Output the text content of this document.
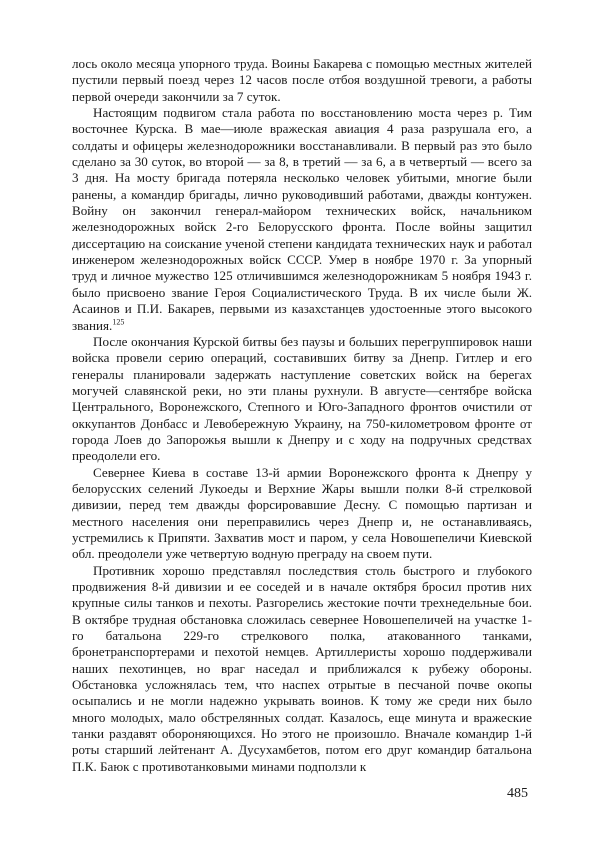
лось около месяца упорного труда. Воины Бакарева с помощью местных жителей пустили первый поезд через 12 часов после отбоя воздушной тревоги, а работы первой очереди закончили за 7 суток.

Настоящим подвигом стала работа по восстановлению моста через р. Тим восточнее Курска. В мае—июле вражеская авиация 4 раза разрушала его, а солдаты и офицеры железнодорожники восстанавливали. В первый раз это было сделано за 30 суток, во второй — за 8, в третий — за 6, а в четвертый — всего за 3 дня. На мосту бригада потеряла несколько человек убитыми, многие были ранены, а командир бригады, лично руководивший работами, дважды контужен. Войну он закончил генерал-майором технических войск, начальником железнодорожных войск 2-го Белорусского фронта. После войны защитил диссертацию на соискание ученой степени кандидата технических наук и работал инженером железнодорожных войск СССР. Умер в ноябре 1970 г. За упорный труд и личное мужество 125 отличившимся железнодорожникам 5 ноября 1943 г. было присвоено звание Героя Социалистического Труда. В их числе были Ж. Асаинов и П.И. Бакарев, первыми из казахстанцев удостоенные этого высокого звания.$^{125}$

После окончания Курской битвы без паузы и больших перегруппировок наши войска провели серию операций, составивших битву за Днепр. Гитлер и его генералы планировали задержать наступление советских войск на берегах могучей славянской реки, но эти планы рухнули. В августе—сентябре войска Центрального, Воронежского, Степного и Юго-Западного фронтов очистили от оккупантов Донбасс и Левобережную Украину, на 750-километровом фронте от города Лоев до Запорожья вышли к Днепру и с ходу на подручных средствах преодолели его.

Севернее Киева в составе 13-й армии Воронежского фронта к Днепру у белорусских селений Лукоеды и Верхние Жары вышли полки 8-й стрелковой дивизии, перед тем дважды форсировавшие Десну. С помощью партизан и местного населения они переправились через Днепр и, не останавливаясь, устремились к Припяти. Захватив мост и паром, у села Новошепеличи Киевской обл. преодолели уже четвертую водную преграду на своем пути.

Противник хорошо представлял последствия столь быстрого и глубокого продвижения 8-й дивизии и ее соседей и в начале октября бросил против них крупные силы танков и пехоты. Разгорелись жестокие почти трехнедельные бои. В октябре трудная обстановка сложилась севернее Новошепеличей на участке 1-го батальона 229-го стрелкового полка, атакованного танками, бронетранспортерами и пехотой немцев. Артиллеристы хорошо поддерживали наших пехотинцев, но враг наседал и приближался к рубежу обороны. Обстановка усложнялась тем, что наспех отрытые в песчаной почве окопы осыпались и не могли надежно укрывать воинов. К тому же среди них было много молодых, мало обстрелянных солдат. Казалось, еще минута и вражеские танки раздавят обороняющихся. Но этого не произошло. Вначале командир 1-й роты старший лейтенант А. Дусухамбетов, потом его друг командир батальона П.К. Баюк с противотанковыми минами подползли к

485
